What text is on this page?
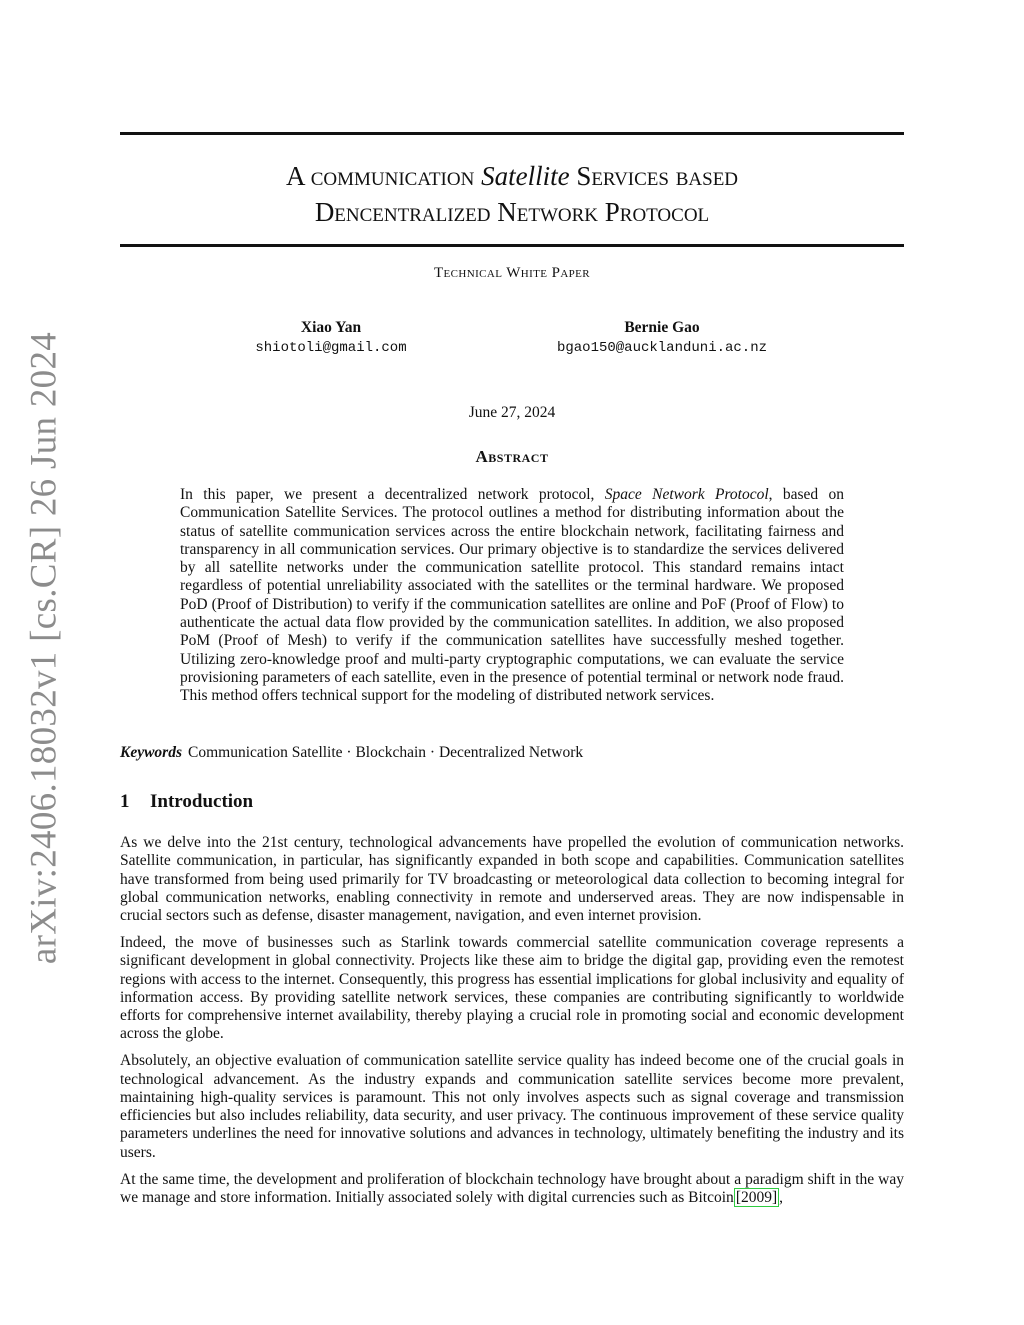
arXiv:2406.18032v1 [cs.CR] 26 Jun 2024
A communication Satellite Services based
Dencentralized Network Protocol
Technical White Paper
Xiao Yan
shiotoli@gmail.com
Bernie Gao
bgao150@aucklanduni.ac.nz
June 27, 2024
Abstract
In this paper, we present a decentralized network protocol, Space Network Protocol, based on Communication Satellite Services. The protocol outlines a method for distributing information about the status of satellite communication services across the entire blockchain network, facilitating fairness and transparency in all communication services. Our primary objective is to standardize the services delivered by all satellite networks under the communication satellite protocol. This standard remains intact regardless of potential unreliability associated with the satellites or the terminal hardware. We proposed PoD (Proof of Distribution) to verify if the communication satellites are online and PoF (Proof of Flow) to authenticate the actual data flow provided by the communication satellites. In addition, we also proposed PoM (Proof of Mesh) to verify if the communication satellites have successfully meshed together. Utilizing zero-knowledge proof and multi-party cryptographic computations, we can evaluate the service provisioning parameters of each satellite, even in the presence of potential terminal or network node fraud. This method offers technical support for the modeling of distributed network services.
Keywords Communication Satellite · Blockchain · Decentralized Network
1 Introduction

As we delve into the 21st century, technological advancements have propelled the evolution of communication networks. Satellite communication, in particular, has significantly expanded in both scope and capabilities. Communication satellites have transformed from being used primarily for TV broadcasting or meteorological data collection to becoming integral for global communication networks, enabling connectivity in remote and underserved areas. They are now indispensable in crucial sectors such as defense, disaster management, navigation, and even internet provision.

Indeed, the move of businesses such as Starlink towards commercial satellite communication coverage represents a significant development in global connectivity. Projects like these aim to bridge the digital gap, providing even the remotest regions with access to the internet. Consequently, this progress has essential implications for global inclusivity and equality of information access. By providing satellite network services, these companies are contributing significantly to worldwide efforts for comprehensive internet availability, thereby playing a crucial role in promoting social and economic development across the globe.

Absolutely, an objective evaluation of communication satellite service quality has indeed become one of the crucial goals in technological advancement. As the industry expands and communication satellite services become more prevalent, maintaining high-quality services is paramount. This not only involves aspects such as signal coverage and transmission efficiencies but also includes reliability, data security, and user privacy. The continuous improvement of these service quality parameters underlines the need for innovative solutions and advances in technology, ultimately benefiting the industry and its users.

At the same time, the development and proliferation of blockchain technology have brought about a paradigm shift in the way we manage and store information. Initially associated solely with digital currencies such as Bitcoin [2009] ,
